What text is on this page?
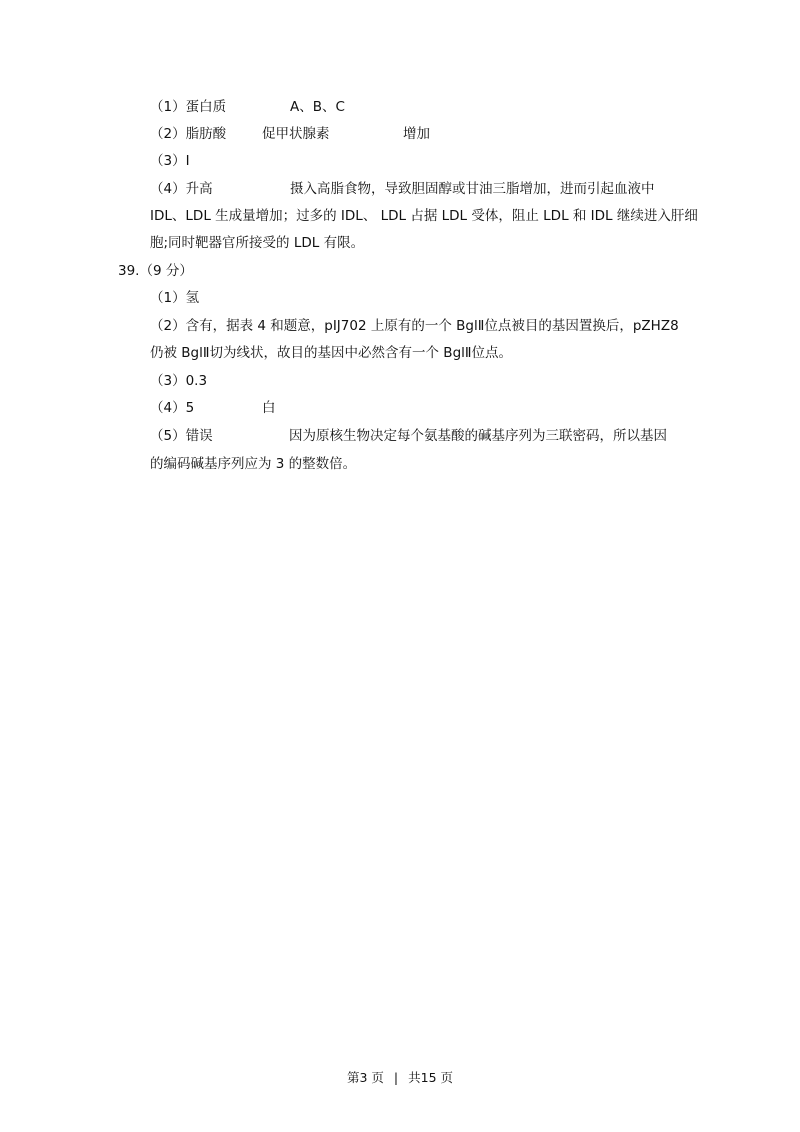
（1）蛋白质	A、B、C
（2）脂肪酸	促甲状腺素	增加
（3）I
（4）升高	摄入高脂食物，导致胆固醇或甘油三脂增加，进而引起血液中
IDL、LDL 生成量增加；过多的 IDL、 LDL 占据 LDL 受体，阻止 LDL 和 IDL 继续进入肝细
胞;同时靶器官所接受的 LDL 有限。
39.（9 分）
（1）氢
（2）含有，据表 4 和题意，pIJ702 上原有的一个 BglⅡ位点被目的基因置换后，pZHZ8
仍被 BglⅡ切为线状，故目的基因中必然含有一个 BglⅡ位点。
（3）0.3
（4）5	白
（5）错误	因为原核生物决定每个氨基酸的碱基序列为三联密码，所以基因
的编码碱基序列应为 3 的整数倍。
第3 页 | 共15 页
